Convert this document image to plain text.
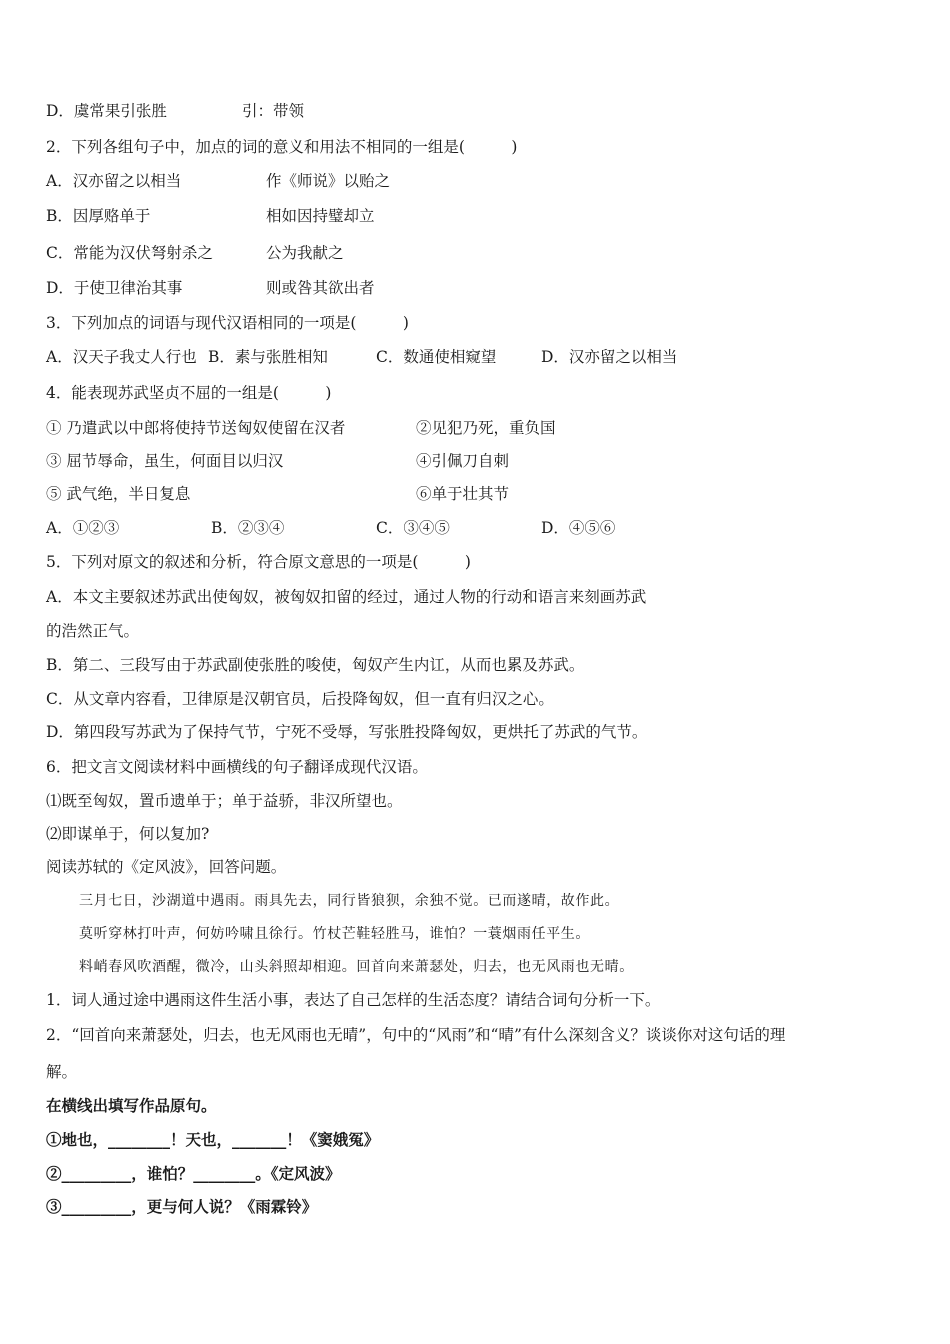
D．虞常果引张胜	引：带领
2．下列各组句子中，加点的词的意义和用法不相同的一组是(　　　)
A．汉亦留之以相当	作《师说》以贻之
B．因厚赂单于	相如因持璧却立
C．常能为汉伏弩射杀之	公为我献之
D．于使卫律治其事	则或咎其欲出者
3．下列加点的词语与现代汉语相同的一项是(　　　)
A．汉天子我丈人行也 B．素与张胜相知	C．数通使相窥望	D．汉亦留之以相当
4．能表现苏武坚贞不屈的一组是(　　　)
① 乃遣武以中郎将使持节送匈奴使留在汉者	②见犯乃死，重负国
③ 屈节辱命，虽生，何面目以归汉	④引佩刀自刺
⑤ 武气绝，半日复息	⑥单于壮其节
A．①②③	B．②③④	C．③④⑤	D．④⑤⑥
5．下列对原文的叙述和分析，符合原文意思的一项是(　　　)
A．本文主要叙述苏武出使匈奴，被匈奴扣留的经过，通过人物的行动和语言来刻画苏武
的浩然正气。
B．第二、三段写由于苏武副使张胜的唆使，匈奴产生内讧，从而也累及苏武。
C．从文章内容看，卫律原是汉朝官员，后投降匈奴，但一直有归汉之心。
D．第四段写苏武为了保持气节，宁死不受辱，写张胜投降匈奴，更烘托了苏武的气节。
6．把文言文阅读材料中画横线的句子翻译成现代汉语。
⑴既至匈奴，置币遗单于；单于益骄，非汉所望也。
⑵即谋单于，何以复加?
阅读苏轼的《定风波》，回答问题。
三月七日，沙湖道中遇雨。雨具先去，同行皆狼狈，余独不觉。已而遂晴，故作此。
莫听穿林打叶声，何妨吟啸且徐行。竹杖芒鞋轻胜马，谁怕？一蓑烟雨任平生。
料峭春风吹酒醒，微冷，山头斜照却相迎。回首向来萧瑟处，归去，也无风雨也无晴。
1．词人通过途中遇雨这件生活小事，表达了自己怎样的生活态度？请结合词句分析一下。
2．“回首向来萧瑟处，归去，也无风雨也无晴”，句中的“风雨”和“晴”有什么深刻含义？谈谈你对这句话的理
解。
在横线出填写作品原句。
①地也，________！天也，_______！《窦娥冤》
②_________，谁怕？________。《定风波》
③_________，更与何人说？《雨霖铃》
